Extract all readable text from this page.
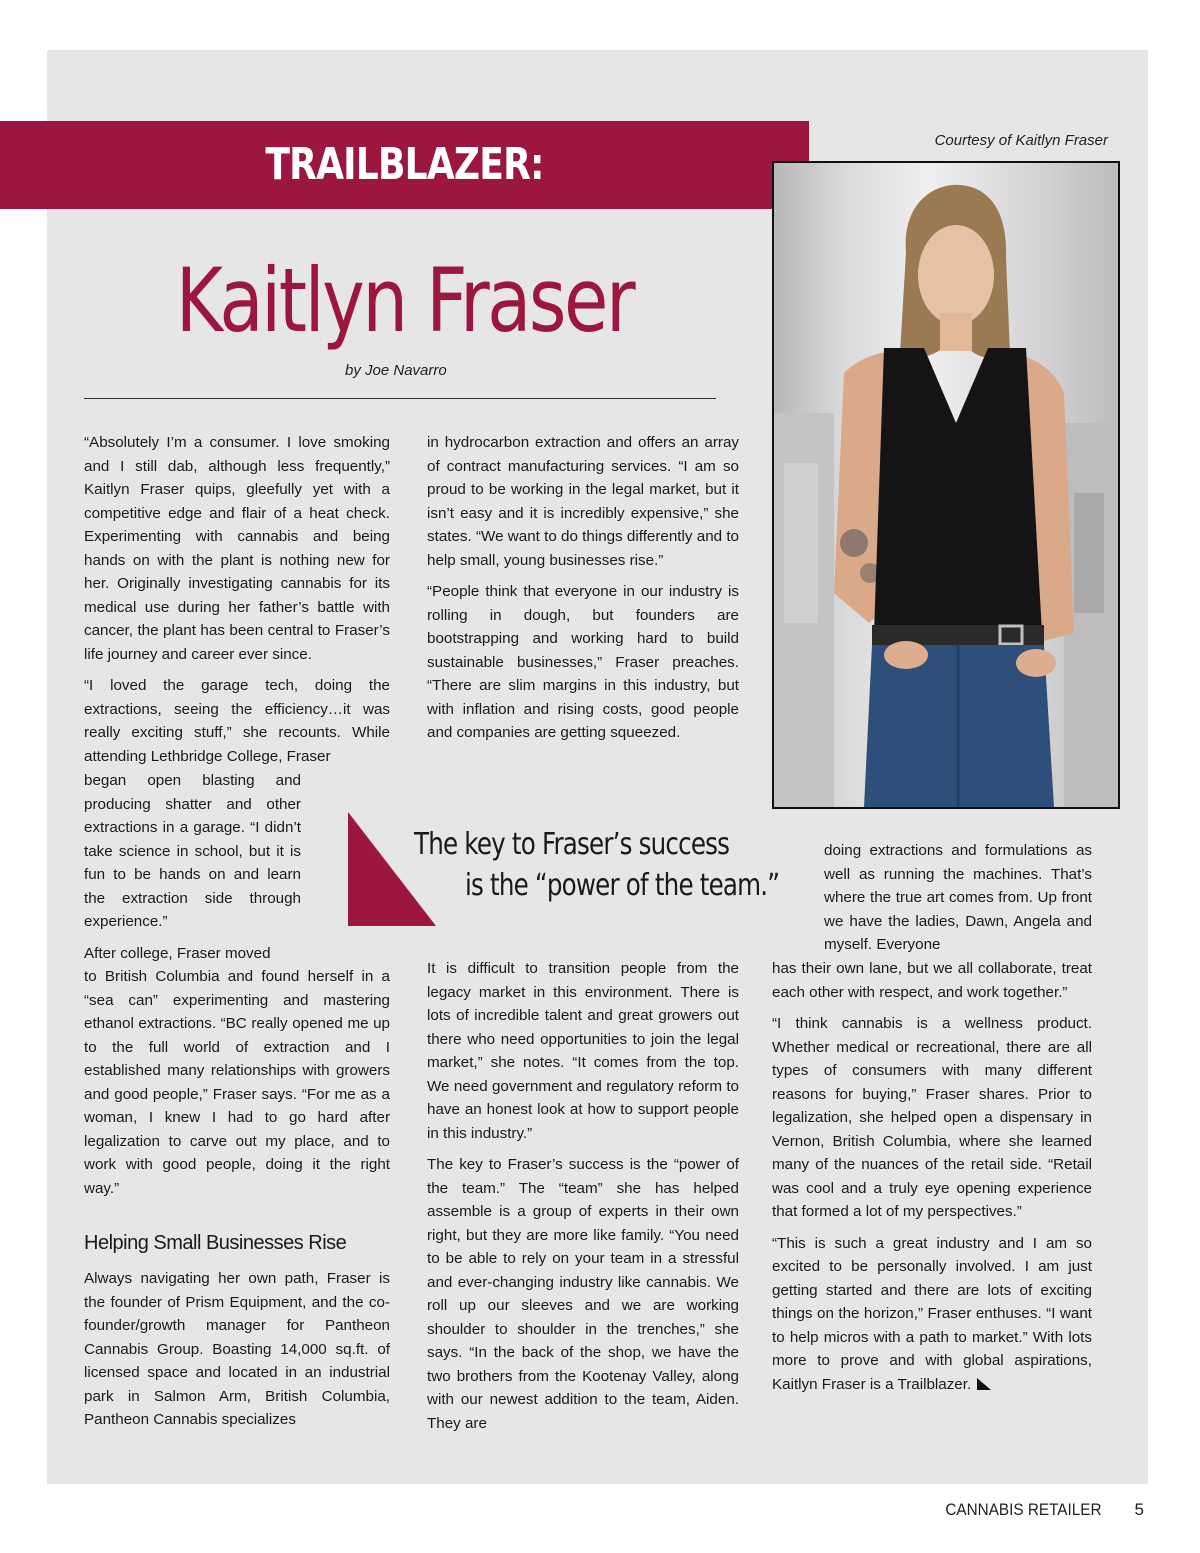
TRAILBLAZER:
Kaitlyn Fraser
by Joe Navarro
Courtesy of Kaitlyn Fraser

“Absolutely I’m a consumer. I love smoking and I still dab, although less frequently,” Kaitlyn Fraser quips, gleefully yet with a competitive edge and flair of a heat check. Experimenting with cannabis and being hands on with the plant is nothing new for her. Originally investigating cannabis for its medical use during her father’s battle with cancer, the plant has been central to Fraser’s life journey and career ever since.

“I loved the garage tech, doing the extractions, seeing the efficiency…it was really exciting stuff,” she recounts. While attending Lethbridge College, Fraser

began open blasting and producing shatter and other extractions in a garage. “I didn’t take science in school, but it is fun to be hands on and learn the extraction side through experience.”

After college, Fraser moved

to British Columbia and found herself in a “sea can” experimenting and mastering ethanol extractions. “BC really opened me up to the full world of extraction and I established many relationships with growers and good people,” Fraser says. “For me as a woman, I knew I had to go hard after legalization to carve out my place, and to work with good people, doing it the right way.”

Helping Small Businesses Rise

Always navigating her own path, Fraser is the founder of Prism Equipment, and the co-founder/growth manager for Pantheon Cannabis Group. Boasting 14,000 sq.ft. of licensed space and located in an industrial park in Salmon Arm, British Columbia, Pantheon Cannabis specializes

in hydrocarbon extraction and offers an array of contract manufacturing services. “I am so proud to be working in the legal market, but it isn’t easy and it is incredibly expensive,” she states. “We want to do things differently and to help small, young businesses rise.”

“People think that everyone in our industry is rolling in dough, but founders are bootstrapping and working hard to build sustainable businesses,” Fraser preaches. “There are slim margins in this industry, but with inflation and rising costs, good people and companies are getting squeezed.

The key to Fraser’s success
is the “power of the team.”

It is difficult to transition people from the legacy market in this environment. There is lots of incredible talent and great growers out there who need opportunities to join the legal market,” she notes. “It comes from the top. We need government and regulatory reform to have an honest look at how to support people in this industry.”

The key to Fraser’s success is the “power of the team.” The “team” she has helped assemble is a group of experts in their own right, but they are more like family. “You need to be able to rely on your team in a stressful and ever-changing industry like cannabis. We roll up our sleeves and we are working shoulder to shoulder in the trenches,” she says. “In the back of the shop, we have the two brothers from the Kootenay Valley, along with our newest addition to the team, Aiden. They are

doing extractions and formulations as well as running the machines. That’s where the true art comes from. Up front we have the ladies, Dawn, Angela and myself. Everyone

has their own lane, but we all collaborate, treat each other with respect, and work together.”

“I think cannabis is a wellness product. Whether medical or recreational, there are all types of consumers with many different reasons for buying,” Fraser shares. Prior to legalization, she helped open a dispensary in Vernon, British Columbia, where she learned many of the nuances of the retail side. “Retail was cool and a truly eye opening experience that formed a lot of my perspectives.”

“This is such a great industry and I am so excited to be personally involved. I am just getting started and there are lots of exciting things on the horizon,” Fraser enthuses. “I want to help micros with a path to market.” With lots more to prove and with global aspirations, Kaitlyn Fraser is a Trailblazer.

CANNABIS RETAILER 5
